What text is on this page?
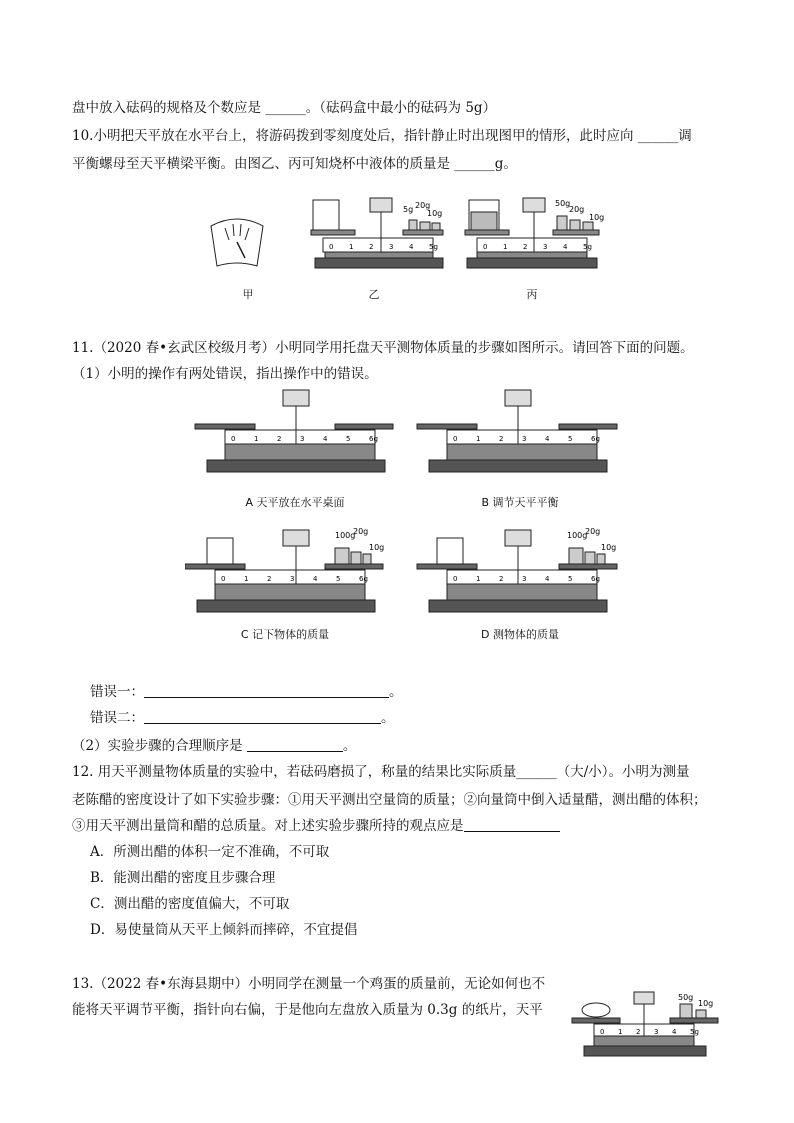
盘中放入砝码的规格及个数应是 ______。（砝码盒中最小的砝码为 5g）
10.小明把天平放在水平台上，将游码拨到零刻度处后，指针静止时出现图甲的情形，此时应向 ______调
平衡螺母至天平横梁平衡。由图乙、丙可知烧杯中液体的质量是 ______g。
5g 20g
10g
50g
20g
10g
0 1 2 3 4 5g	0 1 2 3 4 5g
甲	乙	丙
11.（2020 春•玄武区校级月考）小明同学用托盘天平测物体质量的步骤如图所示。请回答下面的问题。
（1）小明的操作有两处错误，指出操作中的错误。
100g
20g
10g
100g
20g
10g
0	1	2	3	4	5	6g	0	1	2	3	4	5	6g
0	1	2	3	4	5	6g	0	1	2	3	4	5	6g
A 天平放在水平桌面	B 调节天平平衡
C 记下物体的质量	D 测物体的质量
错误一：	。
错误二：	。
（2）实验步骤的合理顺序是	。
12. 用天平测量物体质量的实验中，若砝码磨损了，称量的结果比实际质量______（大/小）。小明为测量
老陈醋的密度设计了如下实验步骤：①用天平测出空量筒的质量；②向量筒中倒入适量醋，测出醋的体积；
③用天平测出量筒和醋的总质量。对上述实验步骤所持的观点应是
A．所测出醋的体积一定不准确，不可取
B．能测出醋的密度且步骤合理
C．测出醋的密度值偏大，不可取
D．易使量筒从天平上倾斜而摔碎，不宜提倡
13.（2022 春•东海县期中）小明同学在测量一个鸡蛋的质量前，无论如何也不
能将天平调节平衡，指针向右偏，于是他向左盘放入质量为 0.3g 的纸片，天平
50g
10g
0 1 2 3 4 5g
